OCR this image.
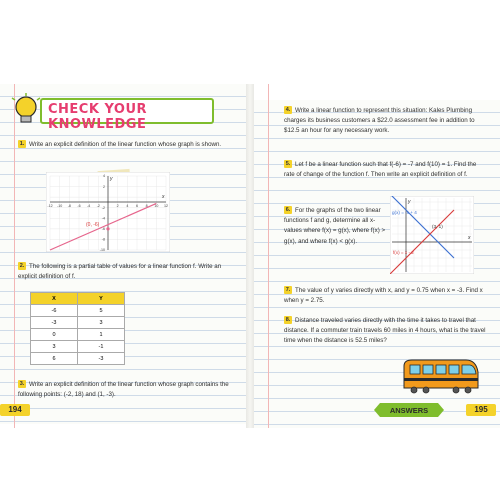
CHECK YOUR KNOWLEDGE
1. Write an explicit definition of the linear function whose graph is shown.
-12 -10 -8 -6 -4 -2	2 4 6 8 10 12
4
2
-2
-4
-6
-8
-10
x
y
(0, -6)
2. The following is a partial table of values for a linear function f. Write an explicit definition of f.
X	Y
-6	5
-3	3
0	1
3	-1
6	-3
3. Write an explicit definition of the linear function whose graph contains the following points: (-2, 18) and (1, -3).
194
4. Write a linear function to represent this situation: Kales Plumbing charges its business customers a $22.0 assessment fee in addition to $12.5 an hour for any necessary work.
5. Let f be a linear function such that f(-6) = -7 and f(10) = 1. Find the rate of change of the function f. Then write an explicit definition of f.
6. For the graphs of the two linear functions f and g, determine all x-values where f(x) = g(x), where f(x) > g(x), and where f(x) < g(x).	x
y
g(x) = -x + 4
f(x) = x - 2
(3, 1)
7. The value of y varies directly with x, and y = 0.75 when x = -3. Find x when y = 2.75.
8. Distance traveled varies directly with the time it takes to travel that distance. If a commuter train travels 60 miles in 4 hours, what is the travel time when the distance is 52.5 miles?
ANSWERS	195
